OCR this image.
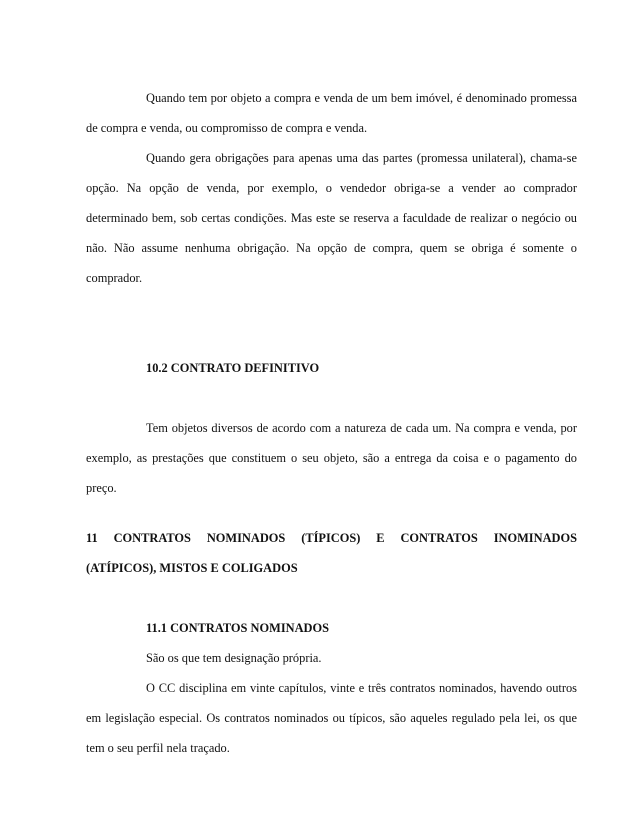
Quando tem por objeto a compra e venda de um bem imóvel, é denominado promessa
de compra e venda, ou compromisso de compra e venda.
Quando gera obrigações para apenas uma das partes (promessa unilateral), chama-se
opção. Na opção de venda, por exemplo, o vendedor obriga-se a vender ao comprador
determinado bem, sob certas condições. Mas este se reserva a faculdade de realizar o negócio ou
não. Não assume nenhuma obrigação. Na opção de compra, quem se obriga é somente o
comprador.
10.2 CONTRATO DEFINITIVO
Tem objetos diversos de acordo com a natureza de cada um. Na compra e venda, por
exemplo, as prestações que constituem o seu objeto, são a entrega da coisa e o pagamento do
preço.
11 CONTRATOS NOMINADOS (TÍPICOS) E CONTRATOS INOMINADOS
(ATÍPICOS), MISTOS E COLIGADOS
11.1 CONTRATOS NOMINADOS
São os que tem designação própria.
O CC disciplina em vinte capítulos, vinte e três contratos nominados, havendo outros
em legislação especial. Os contratos nominados ou típicos, são aqueles regulado pela lei, os que
tem o seu perfil nela traçado.
